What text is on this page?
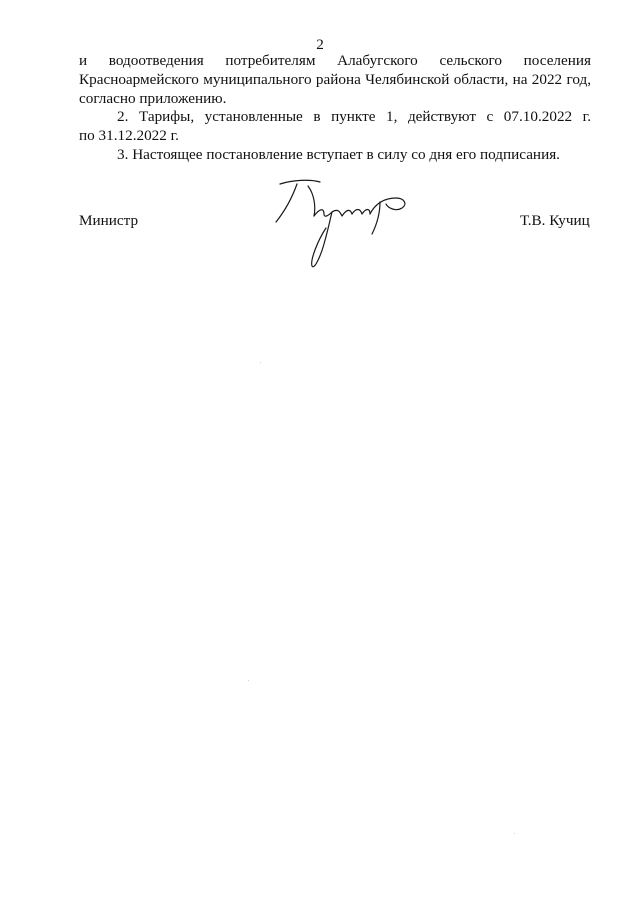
2
и водоотведения потребителям Алабугского сельского поселения
Красноармейского муниципального района Челябинской области, на 2022 год,
согласно приложению.
2. Тарифы, установленные в пункте 1, действуют с 07.10.2022 г.
по 31.12.2022 г.
3. Настоящее постановление вступает в силу со дня его подписания.
Министр	Т.В. Кучиц
